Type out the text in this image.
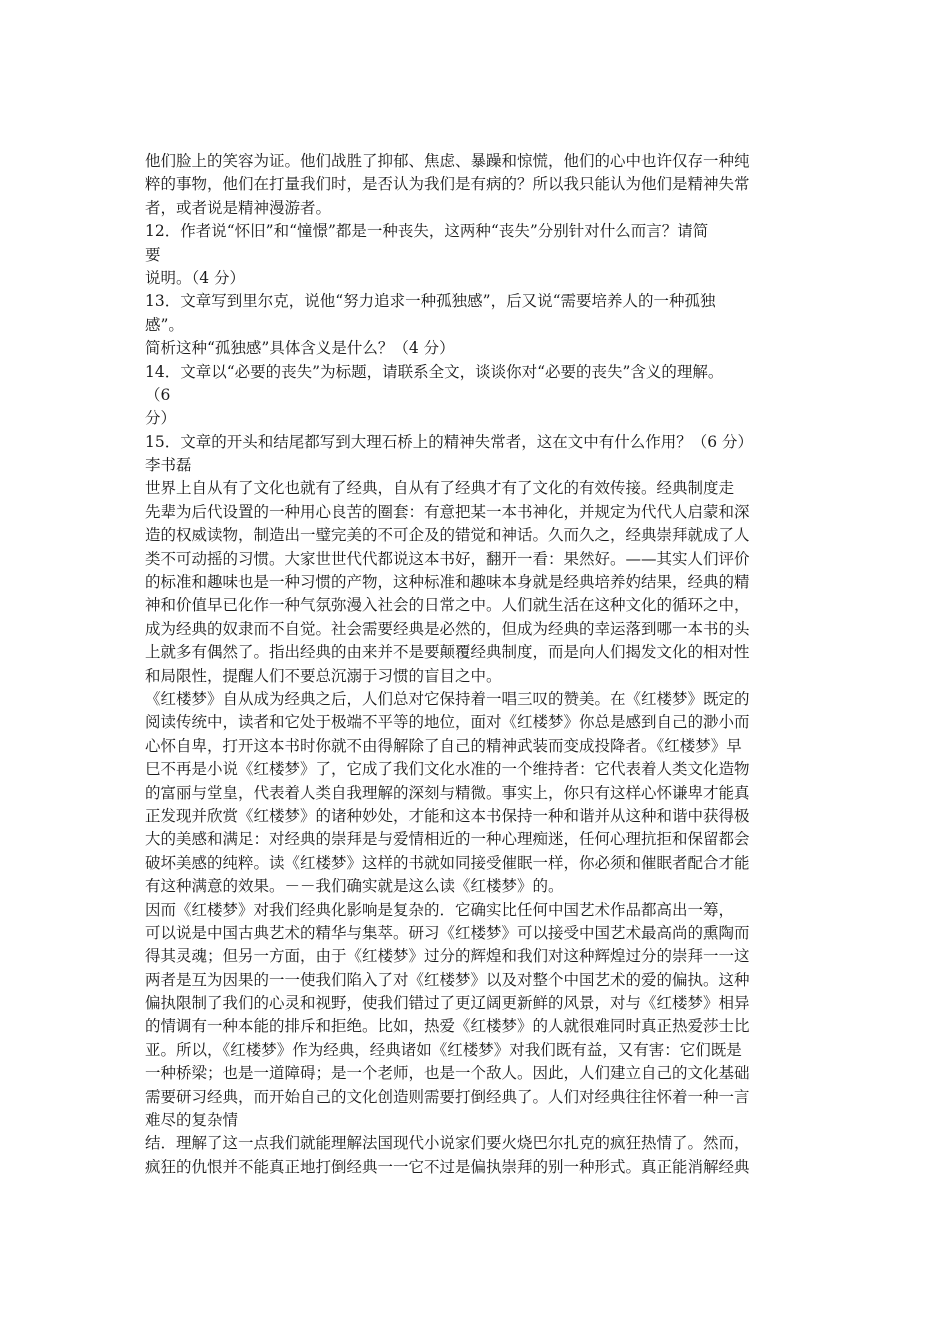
他们脸上的笑容为证。他们战胜了抑郁、焦虑、暴躁和惊慌，他们的心中也许仅存一种纯
粹的事物，他们在打量我们时，是否认为我们是有病的？所以我只能认为他们是精神失常
者，或者说是精神漫游者。
12．作者说“怀旧”和“憧憬”都是一种丧失，这两种“丧失”分别针对什么而言？请简
要
说明。（4 分）
13．文章写到里尔克，说他“努力追求一种孤独感”，后又说“需要培养人的一种孤独
感”。
简析这种“孤独感”具体含义是什么？（4 分）
14．文章以“必要的丧失”为标题，请联系全文，谈谈你对“必要的丧失”含义的理解。
（6
分）
15．文章的开头和结尾都写到大理石桥上的精神失常者，这在文中有什么作用？（6 分）
李书磊
世界上自从有了文化也就有了经典，自从有了经典才有了文化的有效传接。经典制度走
先辈为后代设置的一种用心良苦的圈套：有意把某一本书神化，并规定为代代人启蒙和深
造的权威读物，制造出一璧完美的不可企及的错觉和神话。久而久之，经典崇拜就成了人
类不可动摇的习惯。大家世世代代都说这本书好，翻开一看：果然好。——其实人们评价
的标准和趣味也是一种习惯的产物，这种标准和趣味本身就是经典培养妁结果，经典的精
神和价值早已化作一种气氛弥漫入社会的日常之中。人们就生活在这种文化的循环之中，
成为经典的奴隶而不自觉。社会需要经典是必然的，但成为经典的幸运落到哪一本书的头
上就多有偶然了。指出经典的由来并不是要颠覆经典制度，而是向人们揭发文化的相对性
和局限性，提醒人们不要总沉溺于习惯的盲目之中。
《红楼梦》自从成为经典之后，人们总对它保持着一唱三叹的赞美。在《红楼梦》既定的
阅读传统中，读者和它处于极端不平等的地位，面对《红楼梦》你总是感到自己的渺小而
心怀自卑，打开这本书时你就不由得解除了自己的精神武装而变成投降者。《红楼梦》早
巳不再是小说《红楼梦》了，它成了我们文化水准的一个维持者：它代表着人类文化造物
的富丽与堂皇，代表着人类自我理解的深刻与精微。事实上，你只有这样心怀谦卑才能真
正发现并欣赏《红楼梦》的诸种妙处，才能和这本书保持一种和谐并从这种和谐中获得极
大的美感和满足：对经典的崇拜是与爱情相近的一种心理痴迷，任何心理抗拒和保留都会
破坏美感的纯粹。读《红楼梦》这样的书就如同接受催眠一样，你必须和催眠者配合才能
有这种满意的效果。－－我们确实就是这么读《红楼梦》的。
因而《红楼梦》对我们经典化影响是复杂的．它确实比任何中国艺术作品都高出一筹，
可以说是中国古典艺术的精华与集萃。研习《红楼梦》可以接受中国艺术最高尚的熏陶而
得其灵魂；但另一方面，由于《红楼梦》过分的辉煌和我们对这种辉煌过分的崇拜一一这
两者是互为因果的一一使我们陷入了对《红楼梦》以及对整个中国艺术的爱的偏执。这种
偏执限制了我们的心灵和视野，使我们错过了更辽阔更新鲜的风景，对与《红楼梦》相异
的情调有一种本能的排斥和拒绝。比如，热爱《红楼梦》的人就很难同时真正热爱莎士比
亚。所以，《红楼梦》作为经典，经典诸如《红楼梦》对我们既有益，又有害：它们既是
一种桥梁；也是一道障碍；是一个老师，也是一个敌人。因此，人们建立自己的文化基础
需要研习经典，而开始自己的文化创造则需要打倒经典了。人们对经典往往怀着一种一言
难尽的复杂情
结．理解了这一点我们就能理解法国现代小说家们要火烧巴尔扎克的疯狂热情了。然而，
疯狂的仇恨并不能真正地打倒经典一一它不过是偏执崇拜的别一种形式。真正能消解经典
